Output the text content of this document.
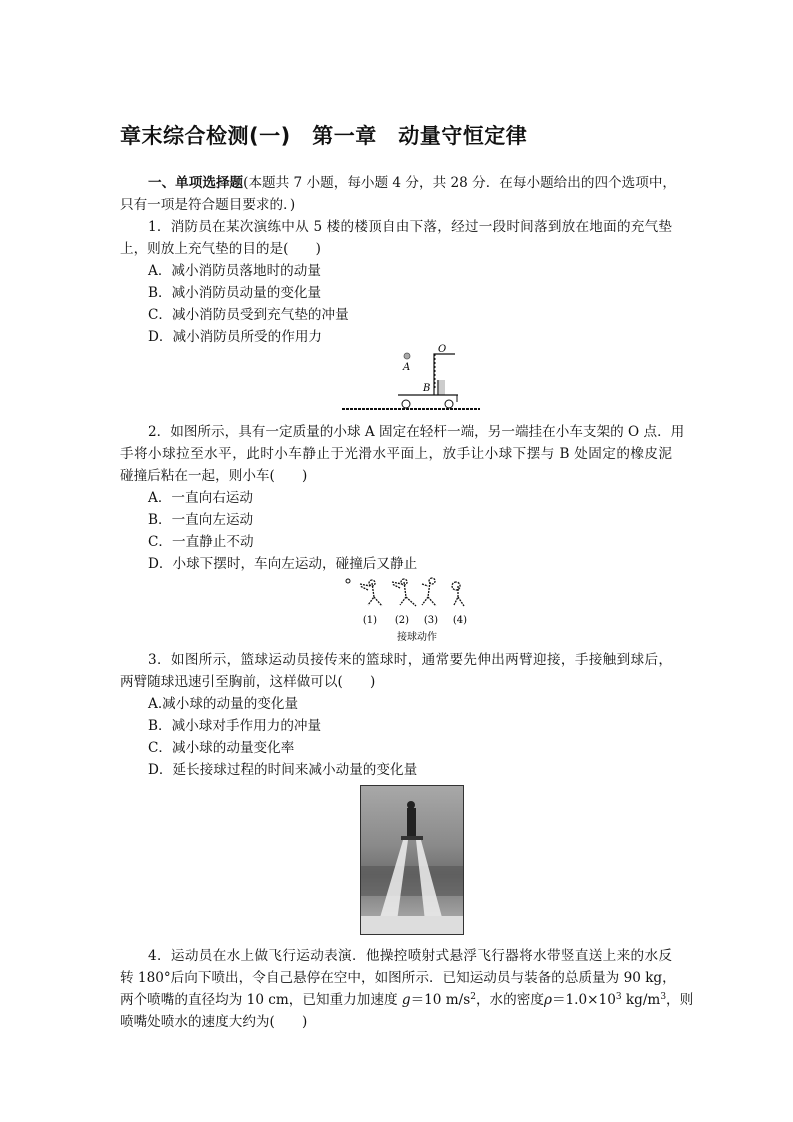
章末综合检测(一)　第一章　动量守恒定律
一、单项选择题(本题共 7 小题，每小题 4 分，共 28 分．在每小题给出的四个选项中，
只有一项是符合题目要求的．)
1．消防员在某次演练中从 5 楼的楼顶自由下落，经过一段时间落到放在地面的充气垫
上，则放上充气垫的目的是(　　)
A．减小消防员落地时的动量
B．减小消防员动量的变化量
C．减小消防员受到充气垫的冲量
D．减小消防员所受的作用力
A
O
B
2．如图所示，具有一定质量的小球 A 固定在轻杆一端，另一端挂在小车支架的 O 点．用
手将小球拉至水平，此时小车静止于光滑水平面上，放手让小球下摆与 B 处固定的橡皮泥
碰撞后粘在一起，则小车(　　)
A．一直向右运动
B．一直向左运动
C．一直静止不动
D．小球下摆时，车向左运动，碰撞后又静止
(1) (2) (3) (4)
接球动作
3．如图所示，篮球运动员接传来的篮球时，通常要先伸出两臂迎接，手接触到球后，
两臂随球迅速引至胸前，这样做可以(　　)
A.减小球的动量的变化量
B．减小球对手作用力的冲量
C．减小球的动量变化率
D．延长接球过程的时间来减小动量的变化量
4．运动员在水上做飞行运动表演．他操控喷射式悬浮飞行器将水带竖直送上来的水反
转 180°后向下喷出，令自己悬停在空中，如图所示．已知运动员与装备的总质量为 90 kg，
两个喷嘴的直径均为 10 cm，已知重力加速度 g＝10 $m/s^2$，水的密度$\rho=1.0\times 10^3$ $kg/m^3$，则
喷嘴处喷水的速度大约为(　　)
